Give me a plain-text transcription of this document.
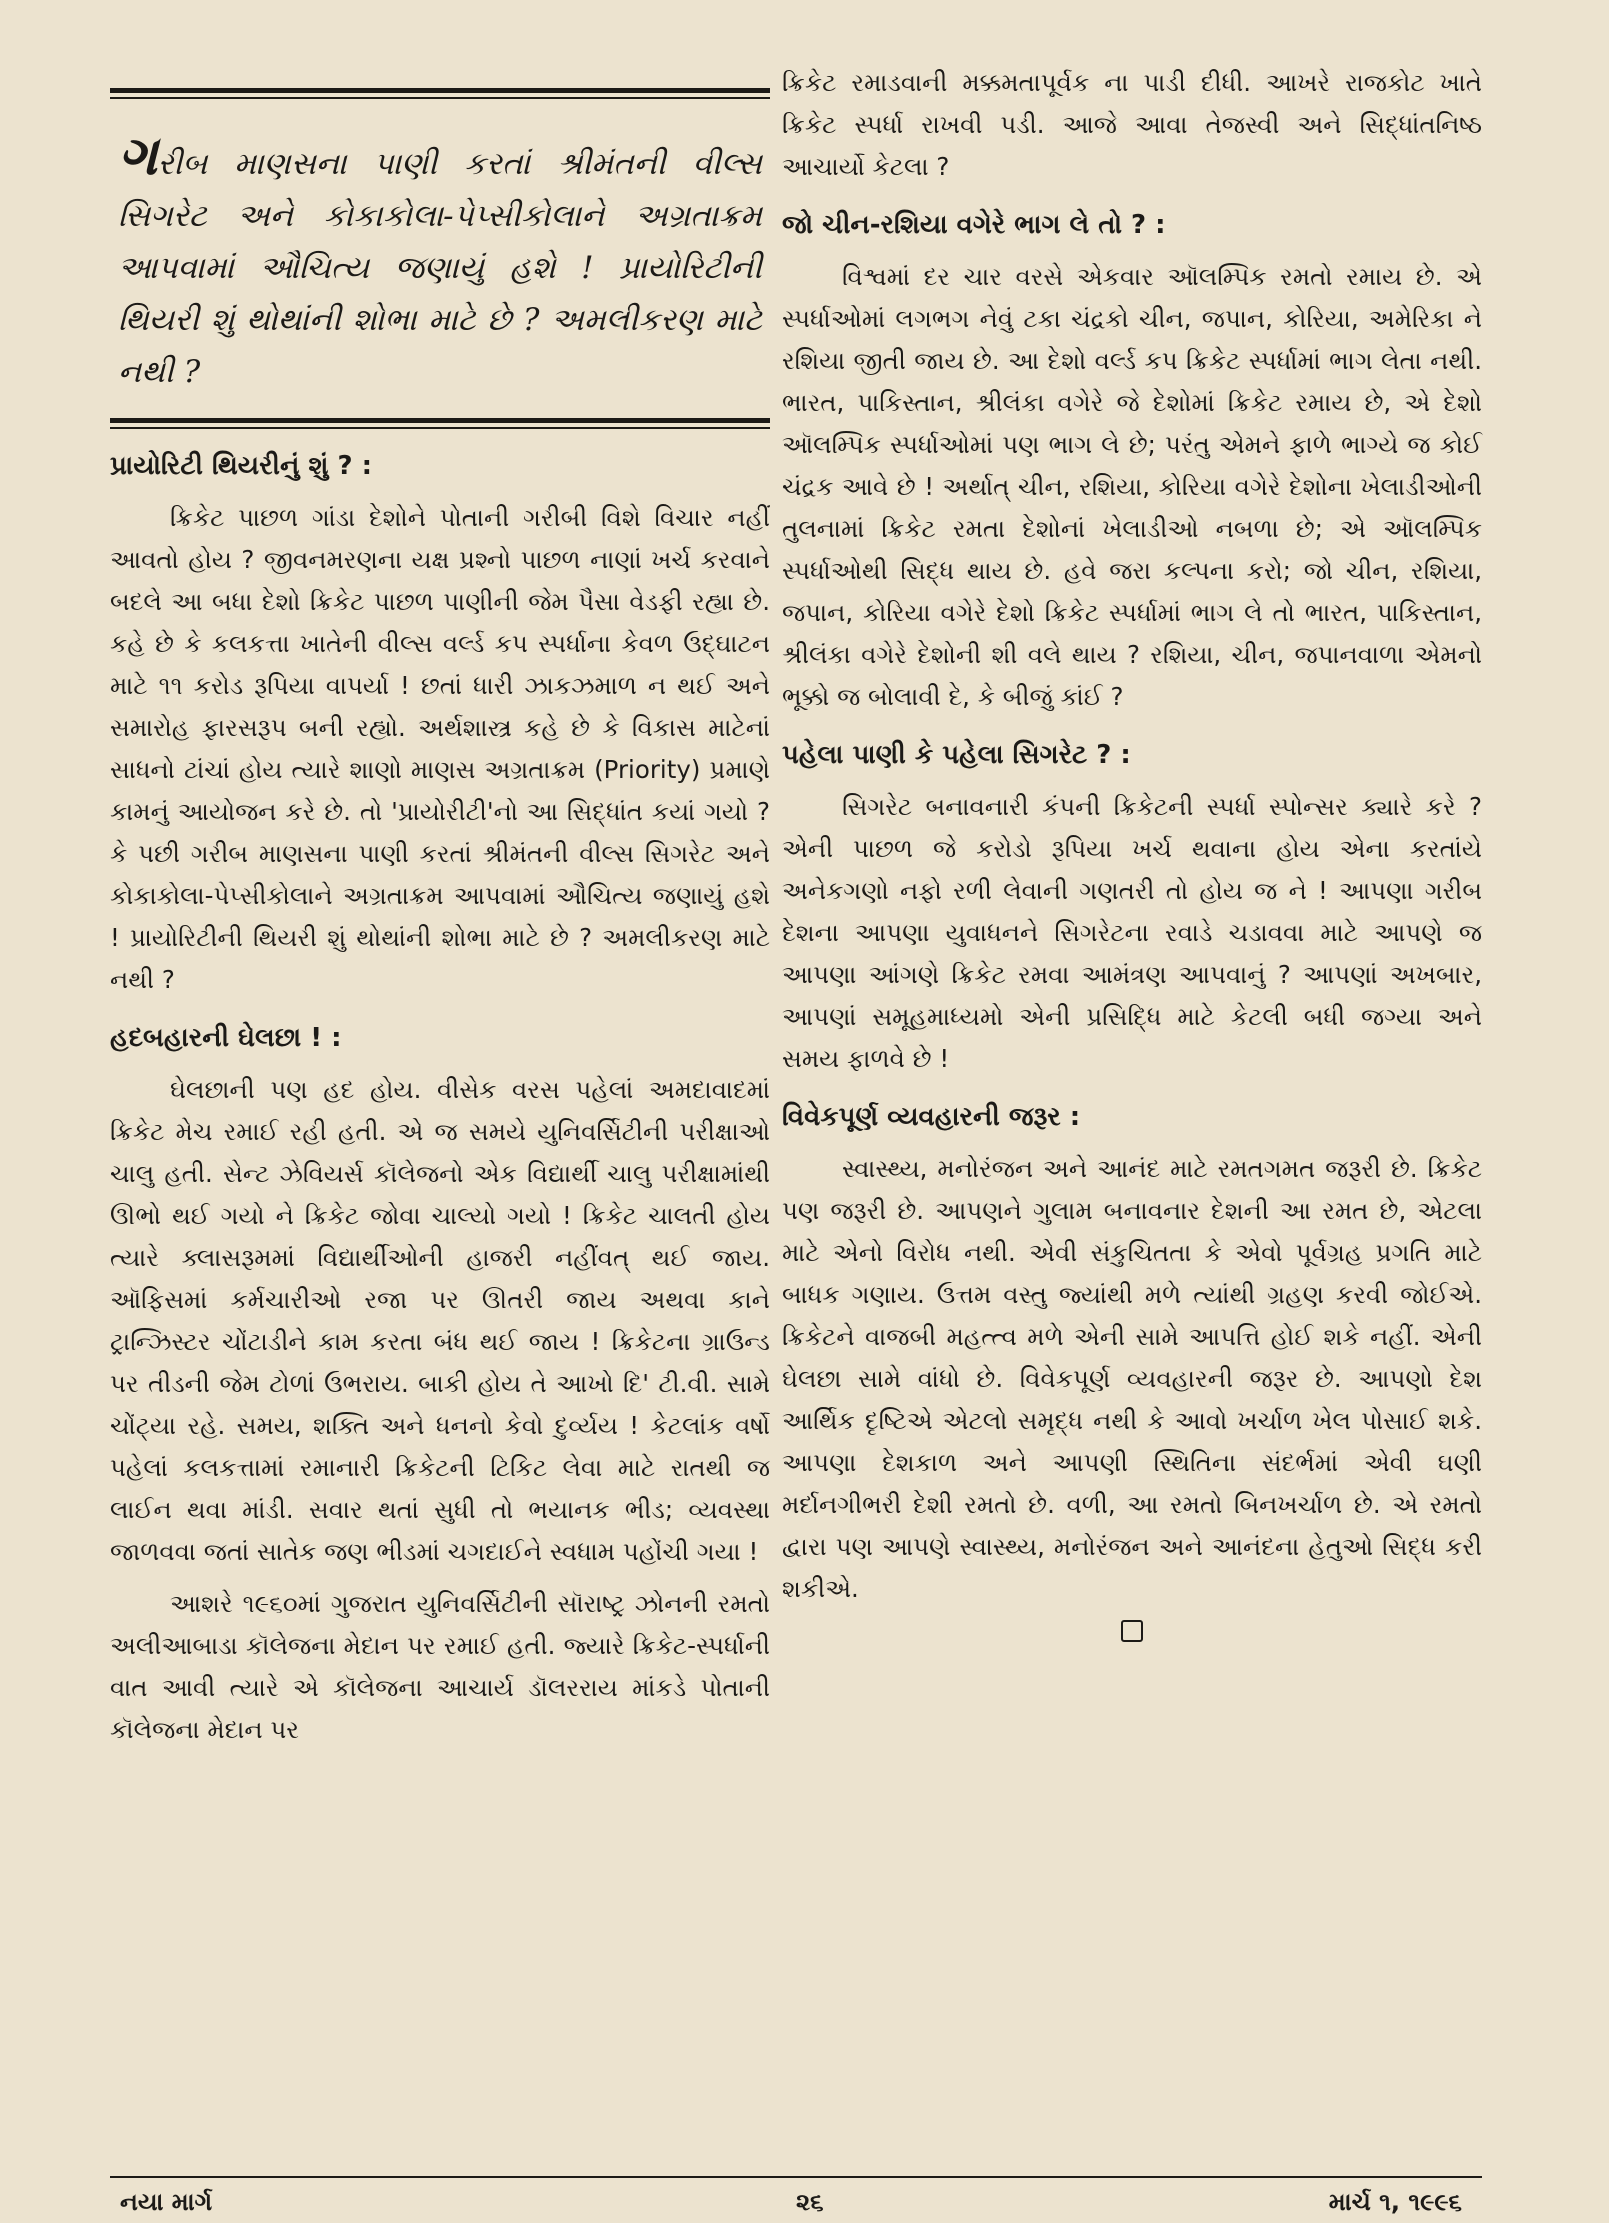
ગરીબ માણસના પાણી કરતાં શ્રીમંતની વીલ્સ સિગરેટ અને કોકાકોલા-પેપ્સીકોલાને અગ્રતાક્રમ આપવામાં ઔચિત્ય જણાયું હશે ! પ્રાયોરિટીની થિયરી શું થોથાંની શોભા માટે છે ? અમલીકરણ માટે નથી ?
પ્રાયોરિટી થિયરીનું શું ? :

ક્રિકેટ પાછળ ગાંડા દેશોને પોતાની ગરીબી વિશે વિચાર નહીં આવતો હોય ? જીવનમરણના યક્ષ પ્રશ્નો પાછળ નાણાં ખર્ચ કરવાને બદલે આ બધા દેશો ક્રિકેટ પાછળ પાણીની જેમ પૈસા વેડફી રહ્યા છે. કહે છે કે કલકત્તા ખાતેની વીલ્સ વર્લ્ડ કપ સ્પર્ધાના કેવળ ઉદ્ઘાટન માટે ૧૧ કરોડ રૂપિયા વાપર્યા ! છતાં ધારી ઝાકઝમાળ ન થઈ અને સમારોહ ફારસરૂપ બની રહ્યો. અર્થશાસ્ત્ર કહે છે કે વિકાસ માટેનાં સાધનો ટાંચાં હોય ત્યારે શાણો માણસ અગ્રતાક્રમ (Priority) પ્રમાણે કામનું આયોજન કરે છે. તો 'પ્રાયોરીટી'નો આ સિદ્ધાંત કયાં ગયો ? કે પછી ગરીબ માણસના પાણી કરતાં શ્રીમંતની વીલ્સ સિગરેટ અને કોકાકોલા-પેપ્સીકોલાને અગ્રતાક્રમ આપવામાં ઔચિત્ય જણાયું હશે ! પ્રાયોરિટીની થિયરી શું થોથાંની શોભા માટે છે ? અમલીકરણ માટે નથી ?

હદબહારની ઘેલછા ! :

ઘેલછાની પણ હદ હોય. વીસેક વરસ પહેલાં અમદાવાદમાં ક્રિકેટ મેચ રમાઈ રહી હતી. એ જ સમયે યુનિવર્સિટીની પરીક્ષાઓ ચાલુ હતી. સેન્ટ ઝેવિયર્સ કૉલેજનો એક વિદ્યાર્થી ચાલુ પરીક્ષામાંથી ઊભો થઈ ગયો ને ક્રિકેટ જોવા ચાલ્યો ગયો ! ક્રિકેટ ચાલતી હોય ત્યારે ક્લાસરૂમમાં વિદ્યાર્થીઓની હાજરી નહીંવત્ થઈ જાય. ઑફિસમાં કર્મચારીઓ રજા પર ઊતરી જાય અથવા કાને ટ્રાન્ઝિસ્ટર ચોંટાડીને કામ કરતા બંધ થઈ જાય ! ક્રિકેટના ગ્રાઉન્ડ પર તીડની જેમ ટોળાં ઉભરાય. બાકી હોય તે આખો દિ' ટી.વી. સામે ચોંટ્યા રહે. સમય, શક્તિ અને ધનનો કેવો દુર્વ્યય ! કેટલાંક વર્ષો પહેલાં કલકત્તામાં રમાનારી ક્રિકેટની ટિકિટ લેવા માટે રાતથી જ લાઈન થવા માંડી. સવાર થતાં સુધી તો ભયાનક ભીડ; વ્યવસ્થા જાળવવા જતાં સાતેક જણ ભીડમાં ચગદાઈને સ્વધામ પહોંચી ગયા !

આશરે ૧૯૬૦માં ગુજરાત યુનિવર્સિટીની સૉરાષ્ટ્ર ઝોનની રમતો અલીઆબાડા કૉલેજના મેદાન પર રમાઈ હતી. જ્યારે ક્રિકેટ-સ્પર્ધાની વાત આવી ત્યારે એ કૉલેજના આચાર્ય ડૉલરરાય માંકડે પોતાની કૉલેજના મેદાન પર

ક્રિકેટ રમાડવાની મક્કમતાપૂર્વક ના પાડી દીધી. આખરે રાજકોટ ખાતે ક્રિકેટ સ્પર્ધા રાખવી પડી. આજે આવા તેજસ્વી અને સિદ્ધાંતનિષ્ઠ આચાર્યો કેટલા ?

જો ચીન-રશિયા વગેરે ભાગ લે તો ? :

વિશ્વમાં દર ચાર વરસે એકવાર ઑલમ્પિક રમતો રમાય છે. એ સ્પર્ધાઓમાં લગભગ નેવું ટકા ચંદ્રકો ચીન, જપાન, કોરિયા, અમેરિકા ને રશિયા જીતી જાય છે. આ દેશો વર્લ્ડ કપ ક્રિકેટ સ્પર્ધામાં ભાગ લેતા નથી. ભારત, પાકિસ્તાન, શ્રીલંકા વગેરે જે દેશોમાં ક્રિકેટ રમાય છે, એ દેશો ઑલમ્પિક સ્પર્ધાઓમાં પણ ભાગ લે છે; પરંતુ એમને ફાળે ભાગ્યે જ કોઈ ચંદ્રક આવે છે ! અર્થાત્ ચીન, રશિયા, કોરિયા વગેરે દેશોના ખેલાડીઓની તુલનામાં ક્રિકેટ રમતા દેશોનાં ખેલાડીઓ નબળા છે; એ ઑલમ્પિક સ્પર્ધાઓથી સિદ્ધ થાય છે. હવે જરા કલ્પના કરો; જો ચીન, રશિયા, જપાન, કોરિયા વગેરે દેશો ક્રિકેટ સ્પર્ધામાં ભાગ લે તો ભારત, પાકિસ્તાન, શ્રીલંકા વગેરે દેશોની શી વલે થાય ? રશિયા, ચીન, જપાનવાળા એમનો ભૂક્કો જ બોલાવી દે, કે બીજું કાંઈ ?

પહેલા પાણી કે પહેલા સિગરેટ ? :

સિગરેટ બનાવનારી કંપની ક્રિકેટની સ્પર્ધા સ્પોન્સર ક્યારે કરે ? એની પાછળ જે કરોડો રૂપિયા ખર્ચ થવાના હોય એના કરતાંયે અનેકગણો નફો રળી લેવાની ગણતરી તો હોય જ ને ! આપણા ગરીબ દેશના આપણા યુવાધનને સિગરેટના રવાડે ચડાવવા માટે આપણે જ આપણા આંગણે ક્રિકેટ રમવા આમંત્રણ આપવાનું ? આપણાં અખબાર, આપણાં સમૂહમાધ્યમો એની પ્રસિદ્ધિ માટે કેટલી બધી જગ્યા અને સમય ફાળવે છે !

વિવેકપૂર્ણ વ્યવહારની જરૂર :

સ્વાસ્થ્ય, મનોરંજન અને આનંદ માટે રમતગમત જરૂરી છે. ક્રિકેટ પણ જરૂરી છે. આપણને ગુલામ બનાવનાર દેશની આ રમત છે, એટલા માટે એનો વિરોધ નથી. એવી સંકુચિતતા કે એવો પૂર્વગ્રહ પ્રગતિ માટે બાધક ગણાય. ઉત્તમ વસ્તુ જ્યાંથી મળે ત્યાંથી ગ્રહણ કરવી જોઈએ. ક્રિકેટને વાજબી મહત્ત્વ મળે એની સામે આપત્તિ હોઈ શકે નહીં. એની ઘેલછા સામે વાંધો છે. વિવેકપૂર્ણ વ્યવહારની જરૂર છે. આપણો દેશ આર્થિક દૃષ્ટિએ એટલો સમૃદ્ધ નથી કે આવો ખર્ચાળ ખેલ પોસાઈ શકે. આપણા દેશકાળ અને આપણી સ્થિતિના સંદર્ભમાં એવી ઘણી મર્દાનગીભરી દેશી રમતો છે. વળી, આ રમતો બિનખર્ચાળ છે. એ રમતો દ્વારા પણ આપણે સ્વાસ્થ્ય, મનોરંજન અને આનંદના હેતુઓ સિદ્ધ કરી શકીએ.

નયા માર્ગ	૨૬	માર્ચ ૧, ૧૯૯૬
